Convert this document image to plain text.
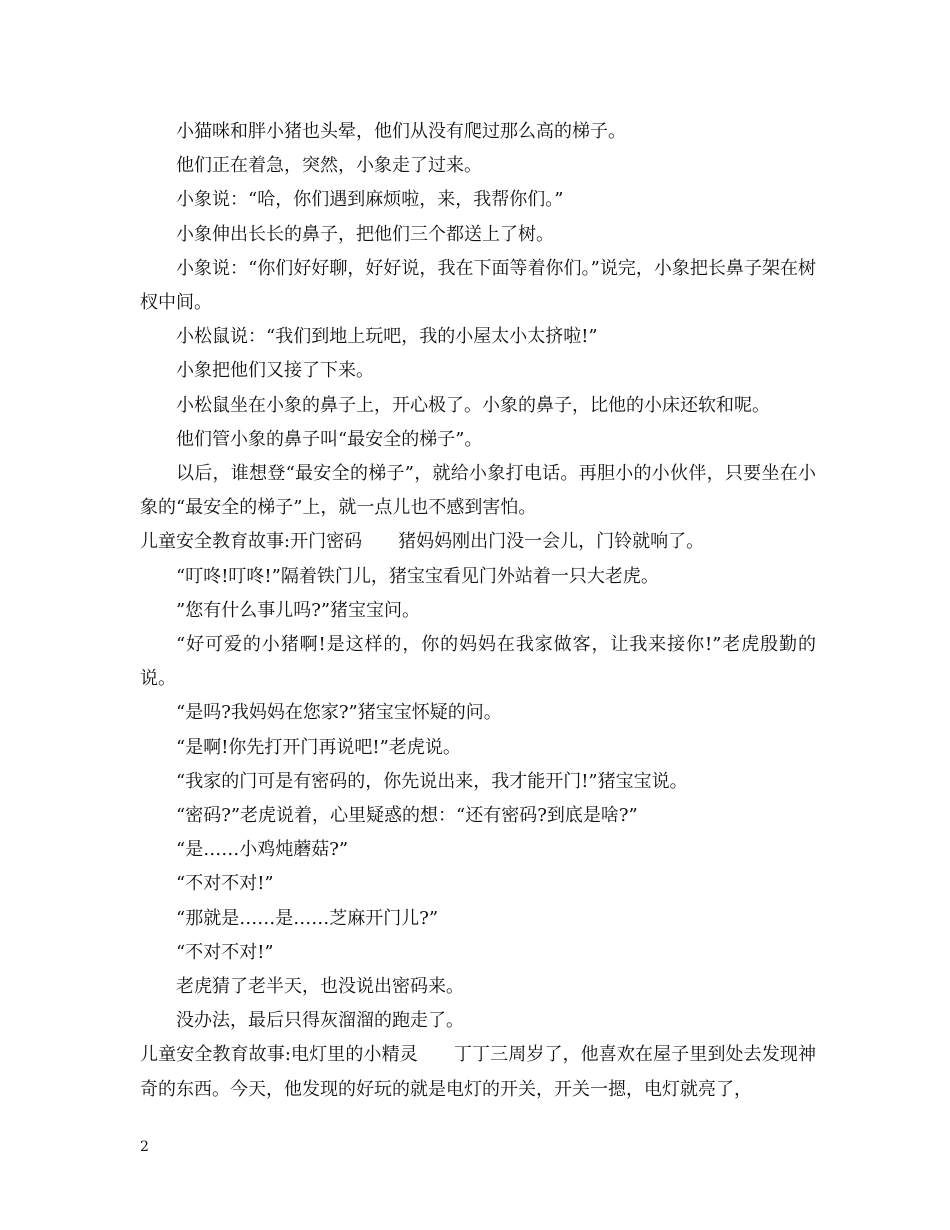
小猫咪和胖小猪也头晕，他们从没有爬过那么高的梯子。

他们正在着急，突然，小象走了过来。

小象说：“哈，你们遇到麻烦啦，来，我帮你们。”

小象伸出长长的鼻子，把他们三个都送上了树。

小象说：“你们好好聊，好好说，我在下面等着你们。”说完，小象把长鼻子架在树杈中间。

小松鼠说：“我们到地上玩吧，我的小屋太小太挤啦!”

小象把他们又接了下来。

小松鼠坐在小象的鼻子上，开心极了。小象的鼻子，比他的小床还软和呢。

他们管小象的鼻子叫“最安全的梯子”。

以后，谁想登“最安全的梯子”，就给小象打电话。再胆小的小伙伴，只要坐在小象的“最安全的梯子”上，就一点儿也不感到害怕。

儿童安全教育故事:开门密码   猪妈妈刚出门没一会儿，门铃就响了。

“叮咚!叮咚!”隔着铁门儿，猪宝宝看见门外站着一只大老虎。

”您有什么事儿吗?”猪宝宝问。

“好可爱的小猪啊!是这样的，你的妈妈在我家做客，让我来接你!”老虎殷勤的说。

“是吗?我妈妈在您家?”猪宝宝怀疑的问。

“是啊!你先打开门再说吧!”老虎说。

“我家的门可是有密码的，你先说出来，我才能开门!”猪宝宝说。

“密码?”老虎说着，心里疑惑的想：“还有密码?到底是啥?”

“是……小鸡炖蘑菇?”

“不对不对!”

“那就是……是……芝麻开门儿?”

“不对不对!”

老虎猜了老半天，也没说出密码来。

没办法，最后只得灰溜溜的跑走了。

儿童安全教育故事:电灯里的小精灵   丁丁三周岁了，他喜欢在屋子里到处去发现神奇的东西。今天，他发现的好玩的就是电灯的开关，开关一摁，电灯就亮了，

2
